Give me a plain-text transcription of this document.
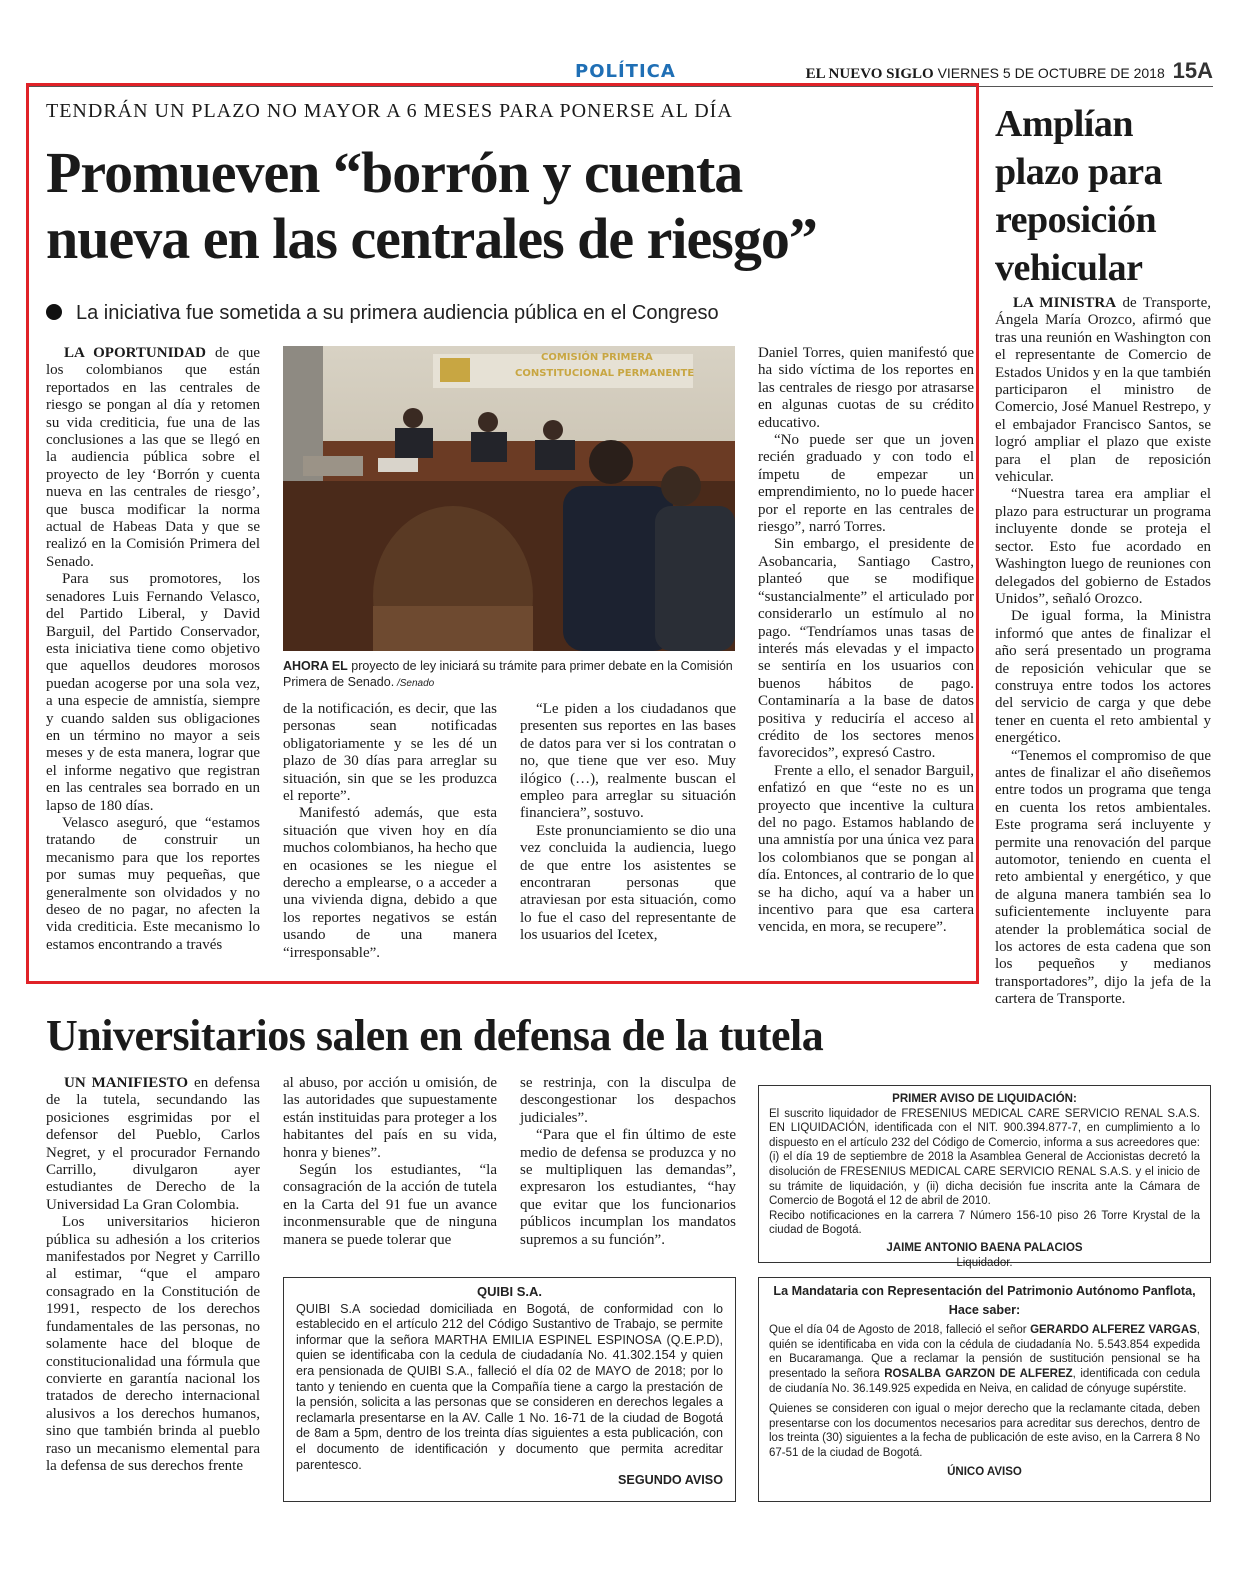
POLÍTICA	EL NUEVO SIGLO VIERNES 5 DE OCTUBRE DE 2018 15A
TENDRÁN UN PLAZO NO MAYOR A 6 MESES PARA PONERSE AL DÍA
Promueven “borrón y cuenta
nueva en las centrales de riesgo”
La iniciativa fue sometida a su primera audiencia pública en el Congreso

LA OPORTUNIDAD de que los colombianos que están reportados en las centrales de riesgo se pongan al día y retomen su vida crediticia, fue una de las conclusiones a las que se llegó en la audiencia pública sobre el proyecto de ley ‘Borrón y cuenta nueva en las centrales de riesgo’, que busca modificar la norma actual de Habeas Data y que se realizó en la Comisión Primera del Senado.

Para sus promotores, los senadores Luis Fernando Velasco, del Partido Liberal, y David Barguil, del Partido Conservador, esta iniciativa tiene como objetivo que aquellos deudores morosos puedan acogerse por una sola vez, a una especie de amnistía, siempre y cuando salden sus obligaciones en un término no mayor a seis meses y de esta manera, lograr que el informe negativo que registran en las centrales sea borrado en un lapso de 180 días.

Velasco aseguró, que “estamos tratando de construir un mecanismo para que los reportes por sumas muy pequeñas, que generalmente son olvidados y no deseo de no pagar, no afecten la vida crediticia. Este mecanismo lo estamos encontrando a través

COMISIÓN PRIMERA
CONSTITUCIONAL PERMANENTE
AHORA EL proyecto de ley iniciará su trámite para primer debate en la Comisión Primera de Senado. /Senado

de la notificación, es decir, que las personas sean notificadas obligatoriamente y se les dé un plazo de 30 días para arreglar su situación, sin que se les produzca el reporte”.

Manifestó además, que esta situación que viven hoy en día muchos colombianos, ha hecho que en ocasiones se les niegue el derecho a emplearse, o a acceder a una vivienda digna, debido a que los reportes negativos se están usando de una manera “irresponsable”.

“Le piden a los ciudadanos que presenten sus reportes en las bases de datos para ver si los contratan o no, que tiene que ver eso. Muy ilógico (…), realmente buscan el empleo para arreglar su situación financiera”, sostuvo.

Este pronunciamiento se dio una vez concluida la audiencia, luego de que entre los asistentes se encontraran personas que atraviesan por esta situación, como lo fue el caso del representante de los usuarios del Icetex,

Daniel Torres, quien manifestó que ha sido víctima de los reportes en las centrales de riesgo por atrasarse en algunas cuotas de su crédito educativo.

“No puede ser que un joven recién graduado y con todo el ímpetu de empezar un emprendimiento, no lo puede hacer por el reporte en las centrales de riesgo”, narró Torres.

Sin embargo, el presidente de Asobancaria, Santiago Castro, planteó que se modifique “sustancialmente” el articulado por considerarlo un estímulo al no pago. “Tendríamos unas tasas de interés más elevadas y el impacto se sentiría en los usuarios con buenos hábitos de pago. Contaminaría a la base de datos positiva y reduciría el acceso al crédito de los sectores menos favorecidos”, expresó Castro.

Frente a ello, el senador Barguil, enfatizó en que “este no es un proyecto que incentive la cultura del no pago. Estamos hablando de una amnistía por una única vez para los colombianos que se pongan al día. Entonces, al contrario de lo que se ha dicho, aquí va a haber un incentivo para que esa cartera vencida, en mora, se recupere”.

Amplían plazo para reposición vehicular

LA MINISTRA de Transporte, Ángela María Orozco, afirmó que tras una reunión en Washington con el representante de Comercio de Estados Unidos y en la que también participaron el ministro de Comercio, José Manuel Restrepo, y el embajador Francisco Santos, se logró ampliar el plazo que existe para el plan de reposición vehicular.

“Nuestra tarea era ampliar el plazo para estructurar un programa incluyente donde se proteja el sector. Esto fue acordado en Washington luego de reuniones con delegados del gobierno de Estados Unidos”, señaló Orozco.

De igual forma, la Ministra informó que antes de finalizar el año será presentado un programa de reposición vehicular que se construya entre todos los actores del servicio de carga y que debe tener en cuenta el reto ambiental y energético.

“Tenemos el compromiso de que antes de finalizar el año diseñemos entre todos un programa que tenga en cuenta los retos ambientales. Este programa será incluyente y permite una renovación del parque automotor, teniendo en cuenta el reto ambiental y energético, y que de alguna manera también sea lo suficientemente incluyente para atender la problemática social de los actores de esta cadena que son los pequeños y medianos transportadores”, dijo la jefa de la cartera de Transporte.

Universitarios salen en defensa de la tutela

UN MANIFIESTO en defensa de la tutela, secundando las posiciones esgrimidas por el defensor del Pueblo, Carlos Negret, y el procurador Fernando Carrillo, divulgaron ayer estudiantes de Derecho de la Universidad La Gran Colombia.

Los universitarios hicieron pública su adhesión a los criterios manifestados por Negret y Carrillo al estimar, “que el amparo consagrado en la Constitución de 1991, respecto de los derechos fundamentales de las personas, no solamente hace del bloque de constitucionalidad una fórmula que convierte en garantía nacional los tratados de derecho internacional alusivos a los derechos humanos, sino que también brinda al pueblo raso un mecanismo elemental para la defensa de sus derechos frente

al abuso, por acción u omisión, de las autoridades que supuestamente están instituidas para proteger a los habitantes del país en su vida, honra y bienes”.

Según los estudiantes, “la consagración de la acción de tutela en la Carta del 91 fue un avance inconmensurable que de ninguna manera se puede tolerar que

se restrinja, con la disculpa de descongestionar los despachos judiciales”.

“Para que el fin último de este medio de defensa se produzca y no se multipliquen las demandas”, expresaron los estudiantes, “hay que evitar que los funcionarios públicos incumplan los mandatos supremos a su función”.

PRIMER AVISO DE LIQUIDACIÓN:

El suscrito liquidador de FRESENIUS MEDICAL CARE SERVICIO RENAL S.A.S. EN LIQUIDACIÓN, identificada con el NIT. 900.394.877-7, en cumplimiento a lo dispuesto en el artículo 232 del Código de Comercio, informa a sus acreedores que: (i) el día 19 de septiembre de 2018 la Asamblea General de Accionistas decretó la disolución de FRESENIUS MEDICAL CARE SERVICIO RENAL S.A.S. y el inicio de su trámite de liquidación, y (ii) dicha decisión fue inscrita ante la Cámara de Comercio de Bogotá el 12 de abril de 2010.

Recibo notificaciones en la carrera 7 Número 156-10 piso 26 Torre Krystal de la ciudad de Bogotá.

JAIME ANTONIO BAENA PALACIOS
Liquidador.
QUIBI S.A.

QUIBI S.A sociedad domiciliada en Bogotá, de conformidad con lo establecido en el artículo 212 del Código Sustantivo de Trabajo, se permite informar que la señora MARTHA EMILIA ESPINEL ESPINOSA (Q.E.P.D), quien se identificaba con la cedula de ciudadanía No. 41.302.154 y quien era pensionada de QUIBI S.A., falleció el día 02 de MAYO de 2018; por lo tanto y teniendo en cuenta que la Compañía tiene a cargo la prestación de la pensión, solicita a las personas que se consideren en derechos legales a reclamarla presentarse en la AV. Calle 1 No. 16-71 de la ciudad de Bogotá de 8am a 5pm, dentro de los treinta días siguientes a esta publicación, con el documento de identificación y documento que permita acreditar parentesco.

SEGUNDO AVISO
La Mandataria con Representación del Patrimonio Autónomo Panflota,
Hace saber:

Que el día 04 de Agosto de 2018, falleció el señor GERARDO ALFEREZ VARGAS, quién se identificaba en vida con la cédula de ciudadanía No. 5.543.854 expedida en Bucaramanga. Que a reclamar la pensión de sustitución pensional se ha presentado la señora ROSALBA GARZON DE ALFEREZ, identificada con cedula de ciudanía No. 36.149.925 expedida en Neiva, en calidad de cónyuge supérstite.

Quienes se consideren con igual o mejor derecho que la reclamante citada, deben presentarse con los documentos necesarios para acreditar sus derechos, dentro de los treinta (30) siguientes a la fecha de publicación de este aviso, en la Carrera 8 No 67-51 de la ciudad de Bogotá.

ÚNICO AVISO
